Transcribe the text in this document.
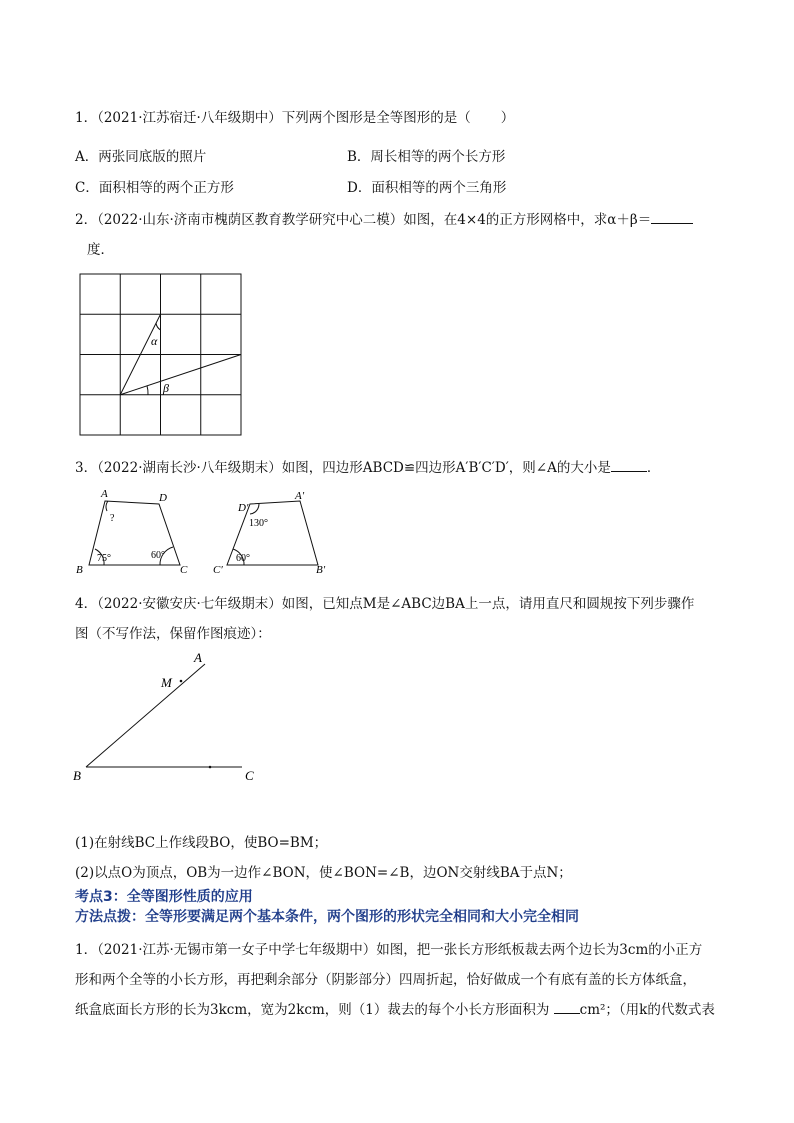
1．（2021·江苏宿迁·八年级期中）下列两个图形是全等图形的是（ ）
A．两张同底版的照片	B．周长相等的两个长方形
C．面积相等的两个正方形	D．面积相等的两个三角形
2．（2022·山东·济南市槐荫区教育教学研究中心二模）如图，在4×4的正方形网格中，求α＋β＝
度．
α
β
3．（2022·湖南长沙·八年级期末）如图，四边形ABCD≌四边形A′B′C′D′，则∠A的大小是	．
A	D
B	C
?
75°	60°
D′
A′
C′	B′
130°
60°
4．（2022·安徽安庆·七年级期末）如图，已知点M是∠ABC边BA上一点，请用直尺和圆规按下列步骤作
图（不写作法，保留作图痕迹）：
A
M
B	C
(1)在射线BC上作线段BO，使BO=BM；
(2)以点O为顶点，OB为一边作∠BON，使∠BON=∠B，边ON交射线BA于点N；
考点3：全等图形性质的应用
方法点拨：全等形要满足两个基本条件，两个图形的形状完全相同和大小完全相同
1．（2021·江苏·无锡市第一女子中学七年级期中）如图，把一张长方形纸板裁去两个边长为3cm的小正方
形和两个全等的小长方形，再把剩余部分（阴影部分）四周折起，恰好做成一个有底有盖的长方体纸盒，
纸盒底面长方形的长为3kcm，宽为2kcm，则（1）裁去的每个小长方形面积为 cm²；（用k的代数式表
